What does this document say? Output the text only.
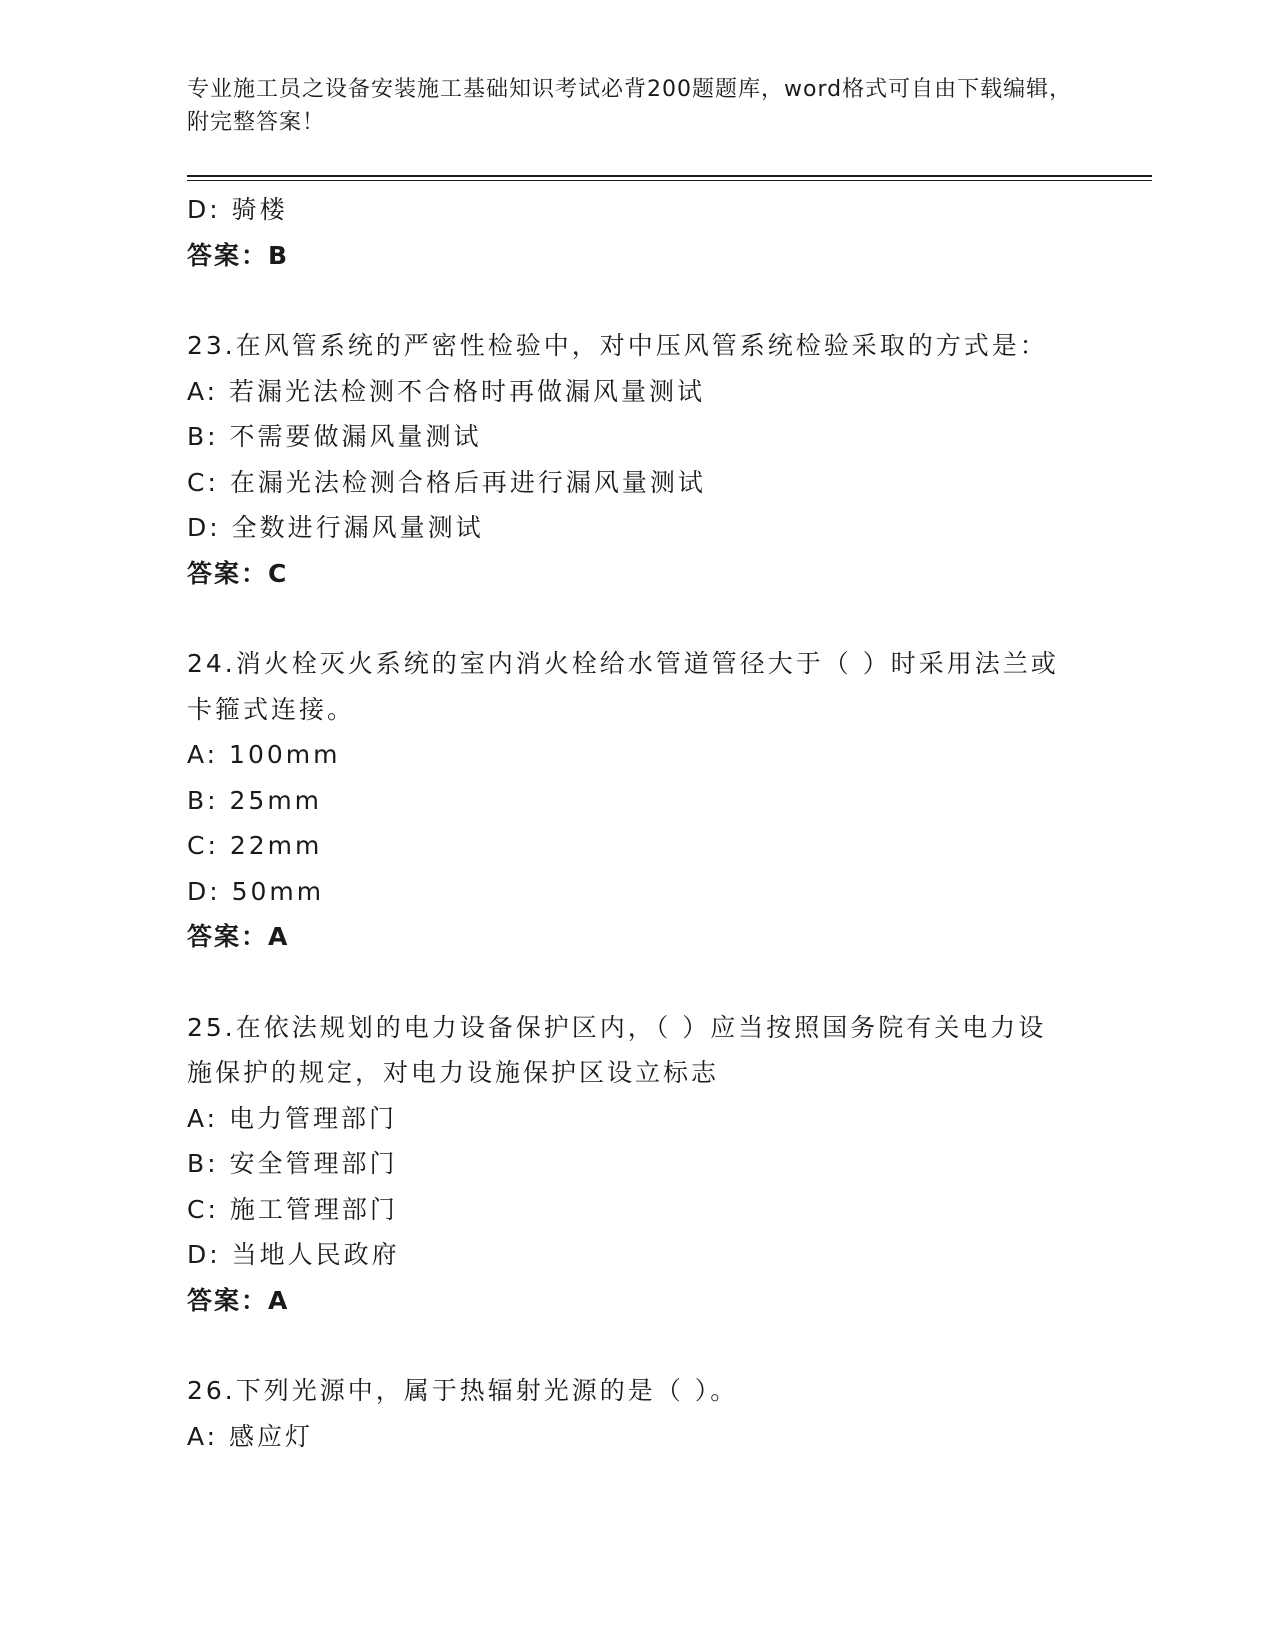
专业施工员之设备安装施工基础知识考试必背200题题库，word格式可自由下载编辑，附完整答案！
D: 骑楼
答案：B
23.在风管系统的严密性检验中，对中压风管系统检验采取的方式是：
A: 若漏光法检测不合格时再做漏风量测试
B: 不需要做漏风量测试
C: 在漏光法检测合格后再进行漏风量测试
D: 全数进行漏风量测试
答案：C
24.消火栓灭火系统的室内消火栓给水管道管径大于（ ）时采用法兰或卡箍式连接。
A: 100mm
B: 25mm
C: 22mm
D: 50mm
答案：A
25.在依法规划的电力设备保护区内，（ ）应当按照国务院有关电力设施保护的规定，对电力设施保护区设立标志
A: 电力管理部门
B: 安全管理部门
C: 施工管理部门
D: 当地人民政府
答案：A
26.下列光源中，属于热辐射光源的是（ ）。
A: 感应灯
